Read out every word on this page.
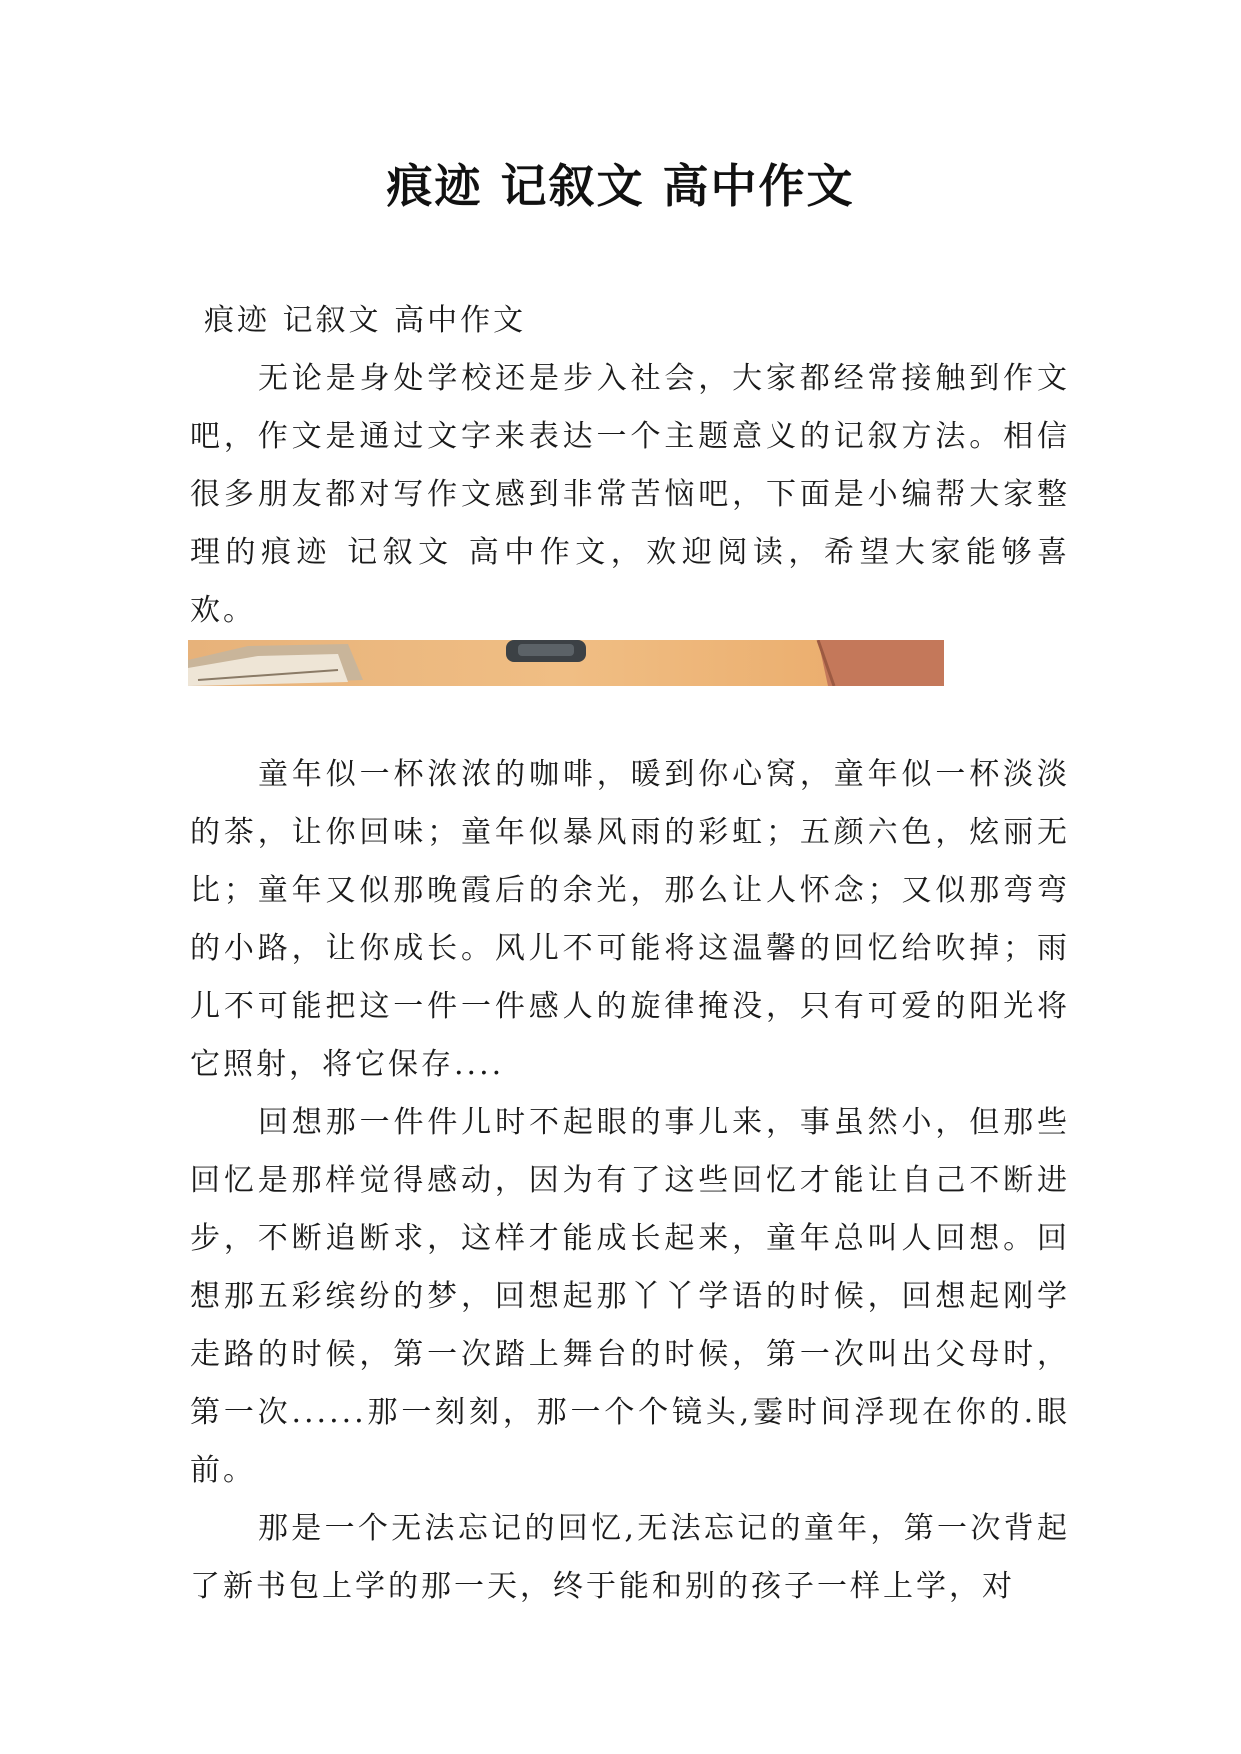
痕迹 记叙文 高中作文

痕迹 记叙文 高中作文

无论是身处学校还是步入社会，大家都经常接触到作文吧，作文是通过文字来表达一个主题意义的记叙方法。相信很多朋友都对写作文感到非常苦恼吧，下面是小编帮大家整理的痕迹 记叙文 高中作文，欢迎阅读，希望大家能够喜欢。

童年似一杯浓浓的咖啡，暖到你心窝，童年似一杯淡淡的茶，让你回味；童年似暴风雨的彩虹；五颜六色，炫丽无比；童年又似那晚霞后的余光，那么让人怀念；又似那弯弯的小路，让你成长。风儿不可能将这温馨的回忆给吹掉；雨儿不可能把这一件一件感人的旋律掩没，只有可爱的阳光将它照射，将它保存....

回想那一件件儿时不起眼的事儿来，事虽然小，但那些回忆是那样觉得感动，因为有了这些回忆才能让自己不断进步，不断追断求，这样才能成长起来，童年总叫人回想。回想那五彩缤纷的梦，回想起那丫丫学语的时候，回想起刚学走路的时候，第一次踏上舞台的时候，第一次叫出父母时，第一次......那一刻刻，那一个个镜头,霎时间浮现在你的.眼前。

那是一个无法忘记的回忆,无法忘记的童年，第一次背起了新书包上学的那一天，终于能和别的孩子一样上学，对
